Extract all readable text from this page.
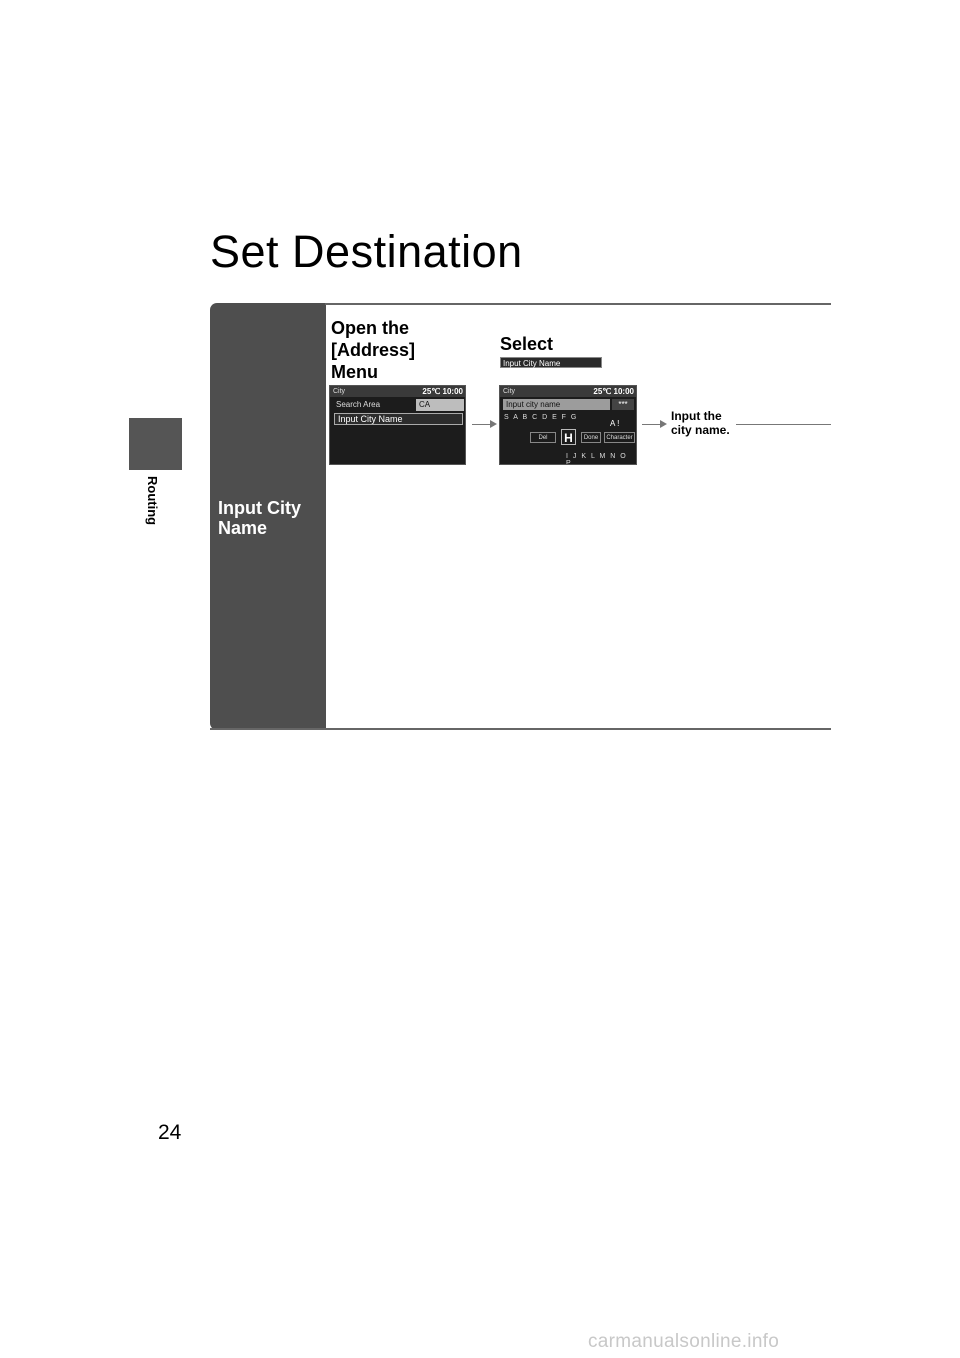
Routing
Set Destination
Input City
Name
Open the
[Address]
Menu
Select
Input City Name
City	25℃ 10:00
Search Area	CA
Input City Name
City	25℃ 10:00
Input city name	***
S A B C D E F G
A !
Del	H	Done	Character
I J K L M N O P
Input the
city name.
24
carmanualsonline.info
